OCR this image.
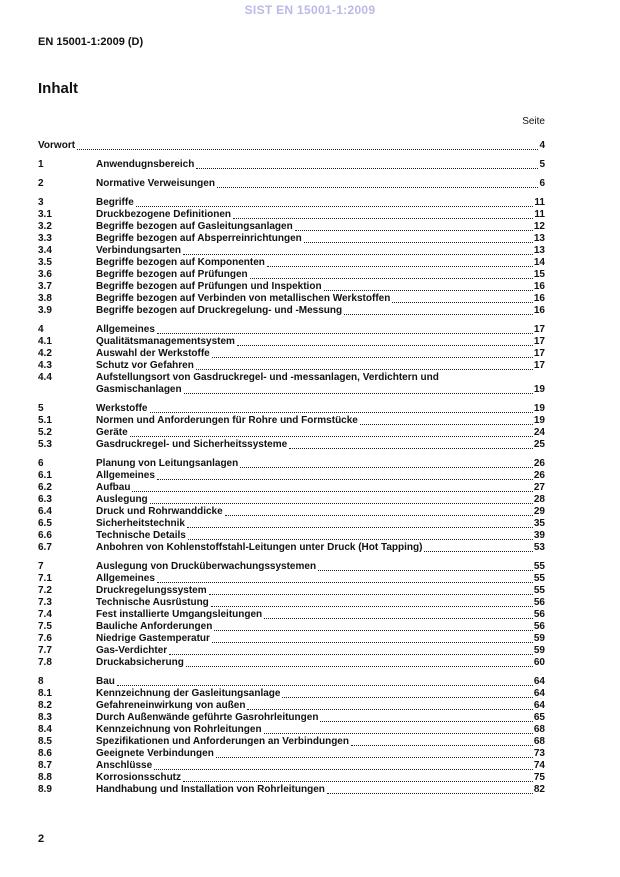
SIST EN 15001-1:2009
EN 15001-1:2009 (D)
Inhalt
Seite
Vorwort	4
1	Anwendugnsbereich	5
2	Normative Verweisungen	6
3	Begriffe	11
3.1	Druckbezogene Definitionen	11
3.2	Begriffe bezogen auf Gasleitungsanlagen	12
3.3	Begriffe bezogen auf Absperreinrichtungen	13
3.4	Verbindungsarten	13
3.5	Begriffe bezogen auf Komponenten	14
3.6	Begriffe bezogen auf Prüfungen	15
3.7	Begriffe bezogen auf Prüfungen und Inspektion	16
3.8	Begriffe bezogen auf Verbinden von metallischen Werkstoffen	16
3.9	Begriffe bezogen auf Druckregelung- und -Messung	16
4	Allgemeines	17
4.1	Qualitätsmanagementsystem	17
4.2	Auswahl der Werkstoffe	17
4.3	Schutz vor Gefahren	17
4.4	Aufstellungsort von Gasdruckregel- und -messanlagen, Verdichtern und
Gasmischanlagen	19
5	Werkstoffe	19
5.1	Normen und Anforderungen für Rohre und Formstücke	19
5.2	Geräte	24
5.3	Gasdruckregel- und Sicherheitssysteme	25
6	Planung von Leitungsanlagen	26
6.1	Allgemeines	26
6.2	Aufbau	27
6.3	Auslegung	28
6.4	Druck und Rohrwanddicke	29
6.5	Sicherheitstechnik	35
6.6	Technische Details	39
6.7	Anbohren von Kohlenstoffstahl-Leitungen unter Druck (Hot Tapping)	53
7	Auslegung von Drucküberwachungssystemen	55
7.1	Allgemeines	55
7.2	Druckregelungssystem	55
7.3	Technische Ausrüstung	56
7.4	Fest installierte Umgangsleitungen	56
7.5	Bauliche Anforderungen	56
7.6	Niedrige Gastemperatur	59
7.7	Gas-Verdichter	59
7.8	Druckabsicherung	60
8	Bau	64
8.1	Kennzeichnung der Gasleitungsanlage	64
8.2	Gefahreneinwirkung von außen	64
8.3	Durch Außenwände geführte Gasrohrleitungen	65
8.4	Kennzeichnung von Rohrleitungen	68
8.5	Spezifikationen und Anforderungen an Verbindungen	68
8.6	Geeignete Verbindungen	73
8.7	Anschlüsse	74
8.8	Korrosionsschutz	75
8.9	Handhabung und Installation von Rohrleitungen	82
2
